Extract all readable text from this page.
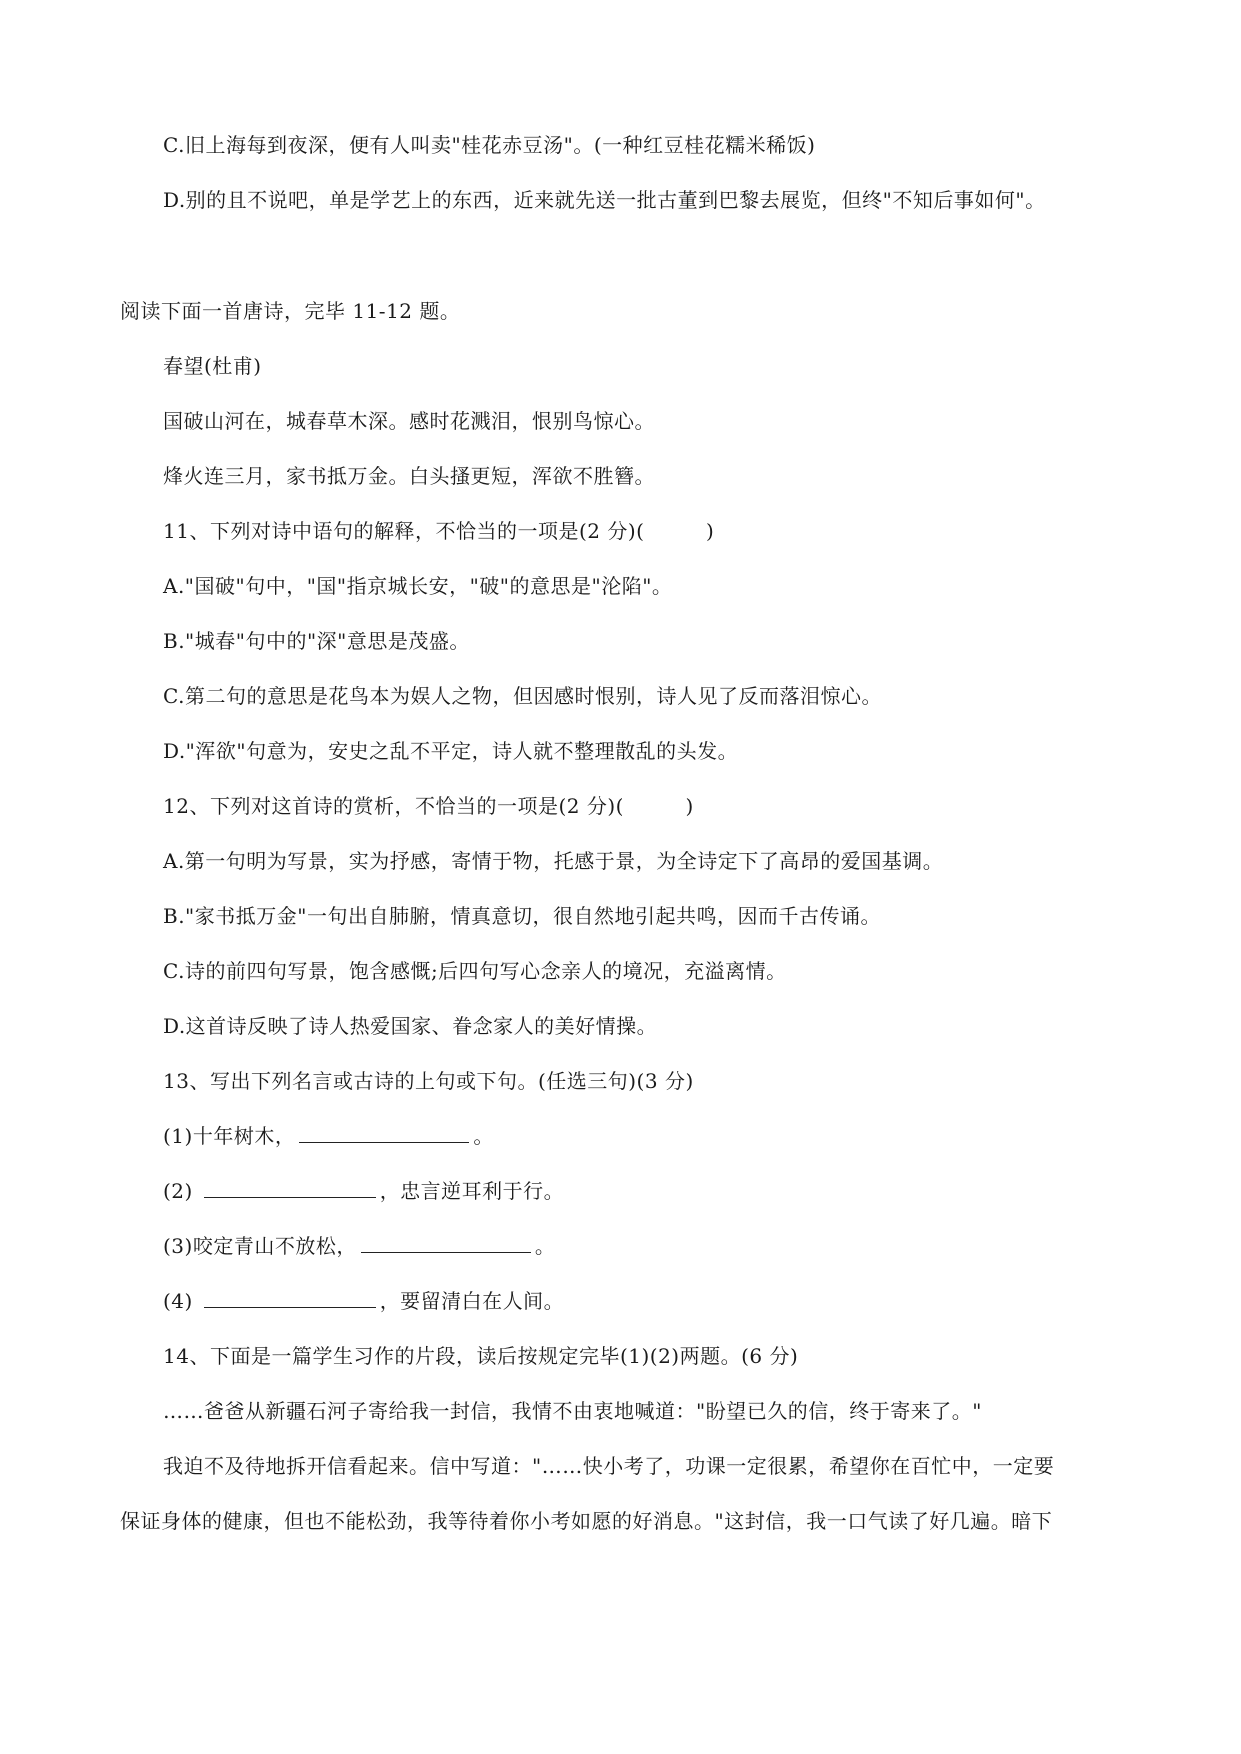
C.旧上海每到夜深，便有人叫卖"桂花赤豆汤"。(一种红豆桂花糯米稀饭)
D.别的且不说吧，单是学艺上的东西，近来就先送一批古董到巴黎去展览，但终"不知后事如何"。
阅读下面一首唐诗，完毕 11-12 题。
春望(杜甫)
国破山河在，城春草木深。感时花溅泪，恨别鸟惊心。
烽火连三月，家书抵万金。白头搔更短，浑欲不胜簪。
11、下列对诗中语句的解释，不恰当的一项是(2 分)(　　　)
A."国破"句中，"国"指京城长安，"破"的意思是"沦陷"。
B."城春"句中的"深"意思是茂盛。
C.第二句的意思是花鸟本为娱人之物，但因感时恨别，诗人见了反而落泪惊心。
D."浑欲"句意为，安史之乱不平定，诗人就不整理散乱的头发。
12、下列对这首诗的赏析，不恰当的一项是(2 分)(　　　)
A.第一句明为写景，实为抒感，寄情于物，托感于景，为全诗定下了高昂的爱国基调。
B."家书抵万金"一句出自肺腑，情真意切，很自然地引起共鸣，因而千古传诵。
C.诗的前四句写景，饱含感慨;后四句写心念亲人的境况，充溢离情。
D.这首诗反映了诗人热爱国家、眷念家人的美好情操。
13、写出下列名言或古诗的上句或下句。(任选三句)(3 分)
(1)十年树木，	。
(2)	，忠言逆耳利于行。
(3)咬定青山不放松，	。
(4)	，要留清白在人间。
14、下面是一篇学生习作的片段，读后按规定完毕(1)(2)两题。(6 分)
……爸爸从新疆石河子寄给我一封信，我情不由衷地喊道："盼望已久的信，终于寄来了。"
我迫不及待地拆开信看起来。信中写道："……快小考了，功课一定很累，希望你在百忙中，一定要
保证身体的健康，但也不能松劲，我等待着你小考如愿的好消息。"这封信，我一口气读了好几遍。暗下
